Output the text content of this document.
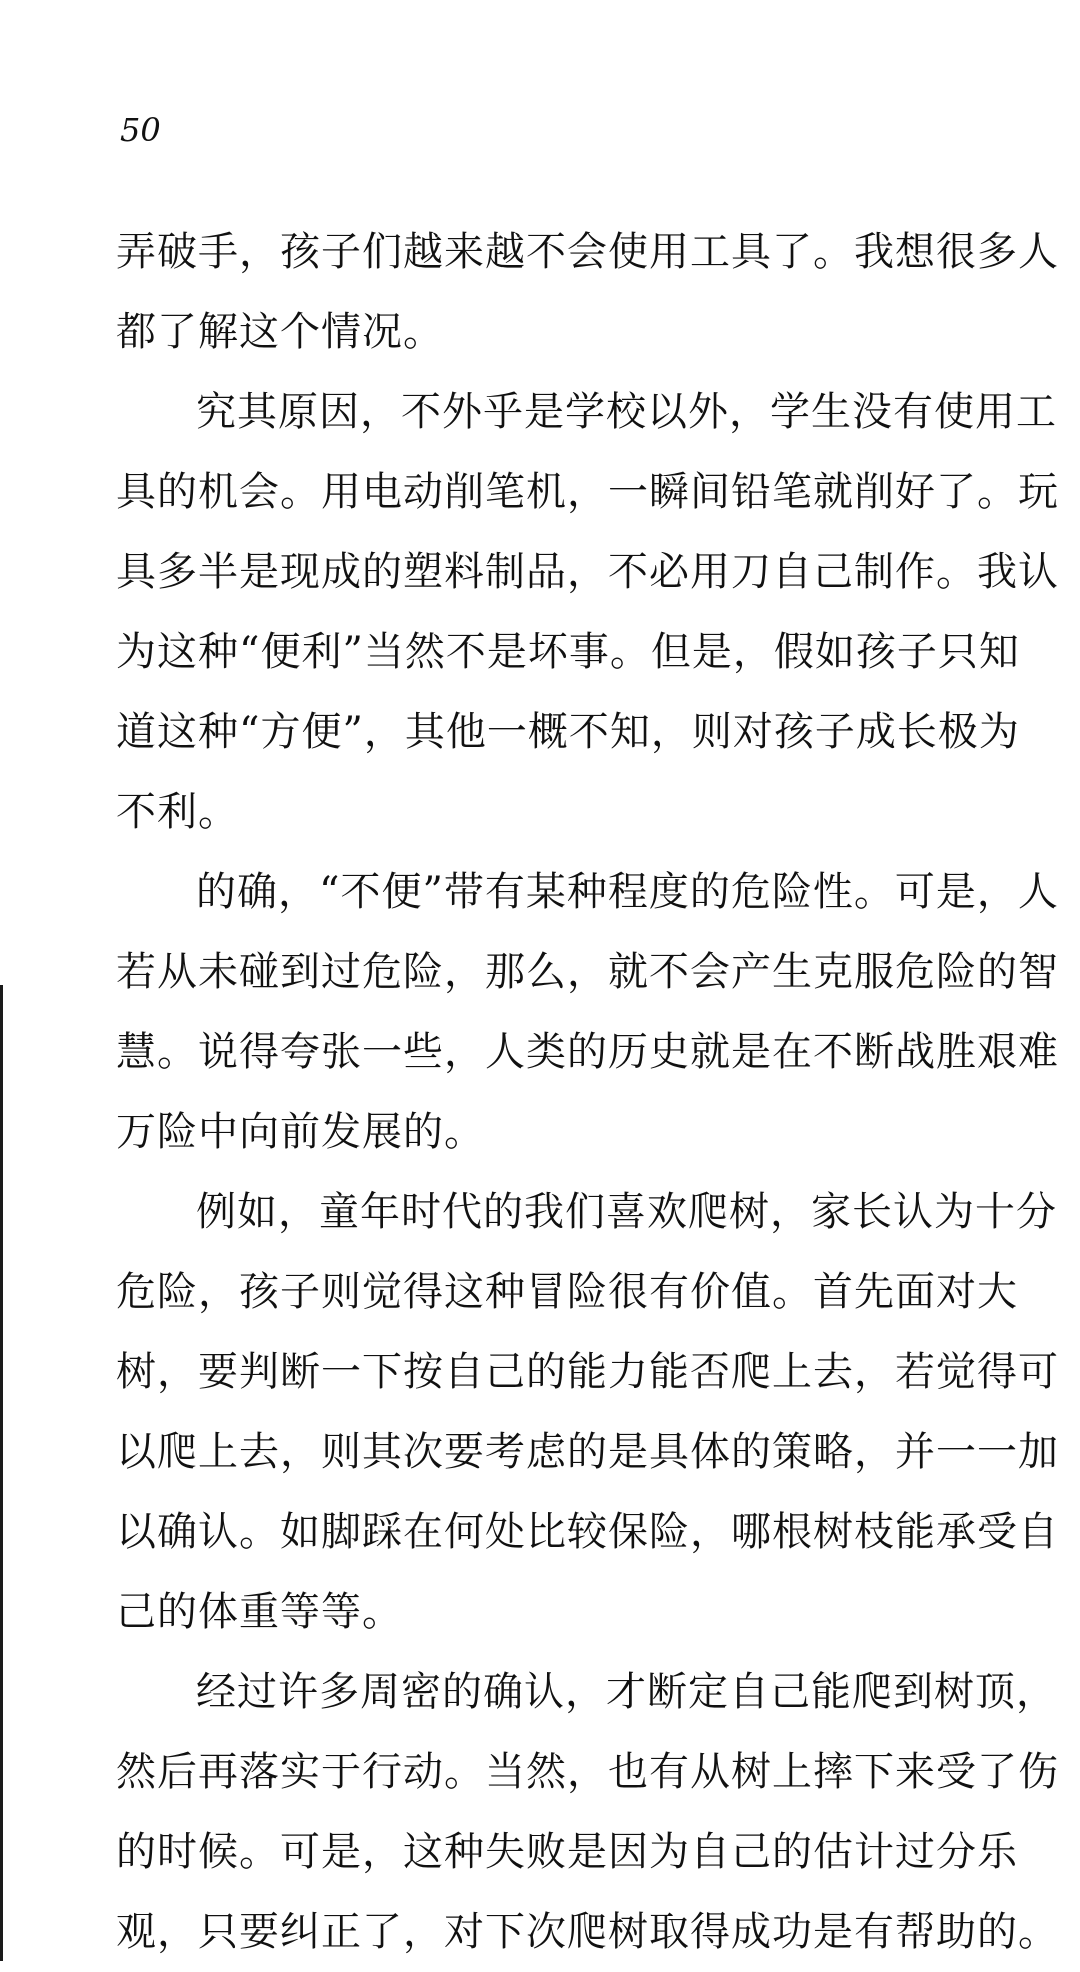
50
弄破手，孩子们越来越不会使用工具了。我想很多人
都了解这个情况。
究其原因，不外乎是学校以外，学生没有使用工
具的机会。用电动削笔机，一瞬间铅笔就削好了。玩
具多半是现成的塑料制品，不必用刀自己制作。我认
为这种“便利”当然不是坏事。但是，假如孩子只知
道这种“方便”，其他一概不知，则对孩子成长极为
不利。
的确，“不便”带有某种程度的危险性。可是，人
若从未碰到过危险，那么，就不会产生克服危险的智
慧。说得夸张一些，人类的历史就是在不断战胜艰难
万险中向前发展的。
例如，童年时代的我们喜欢爬树，家长认为十分
危险，孩子则觉得这种冒险很有价值。首先面对大
树，要判断一下按自己的能力能否爬上去，若觉得可
以爬上去，则其次要考虑的是具体的策略，并一一加
以确认。如脚踩在何处比较保险，哪根树枝能承受自
己的体重等等。
经过许多周密的确认，才断定自己能爬到树顶，
然后再落实于行动。当然，也有从树上摔下来受了伤
的时候。可是，这种失败是因为自己的估计过分乐
观，只要纠正了，对下次爬树取得成功是有帮助的。
